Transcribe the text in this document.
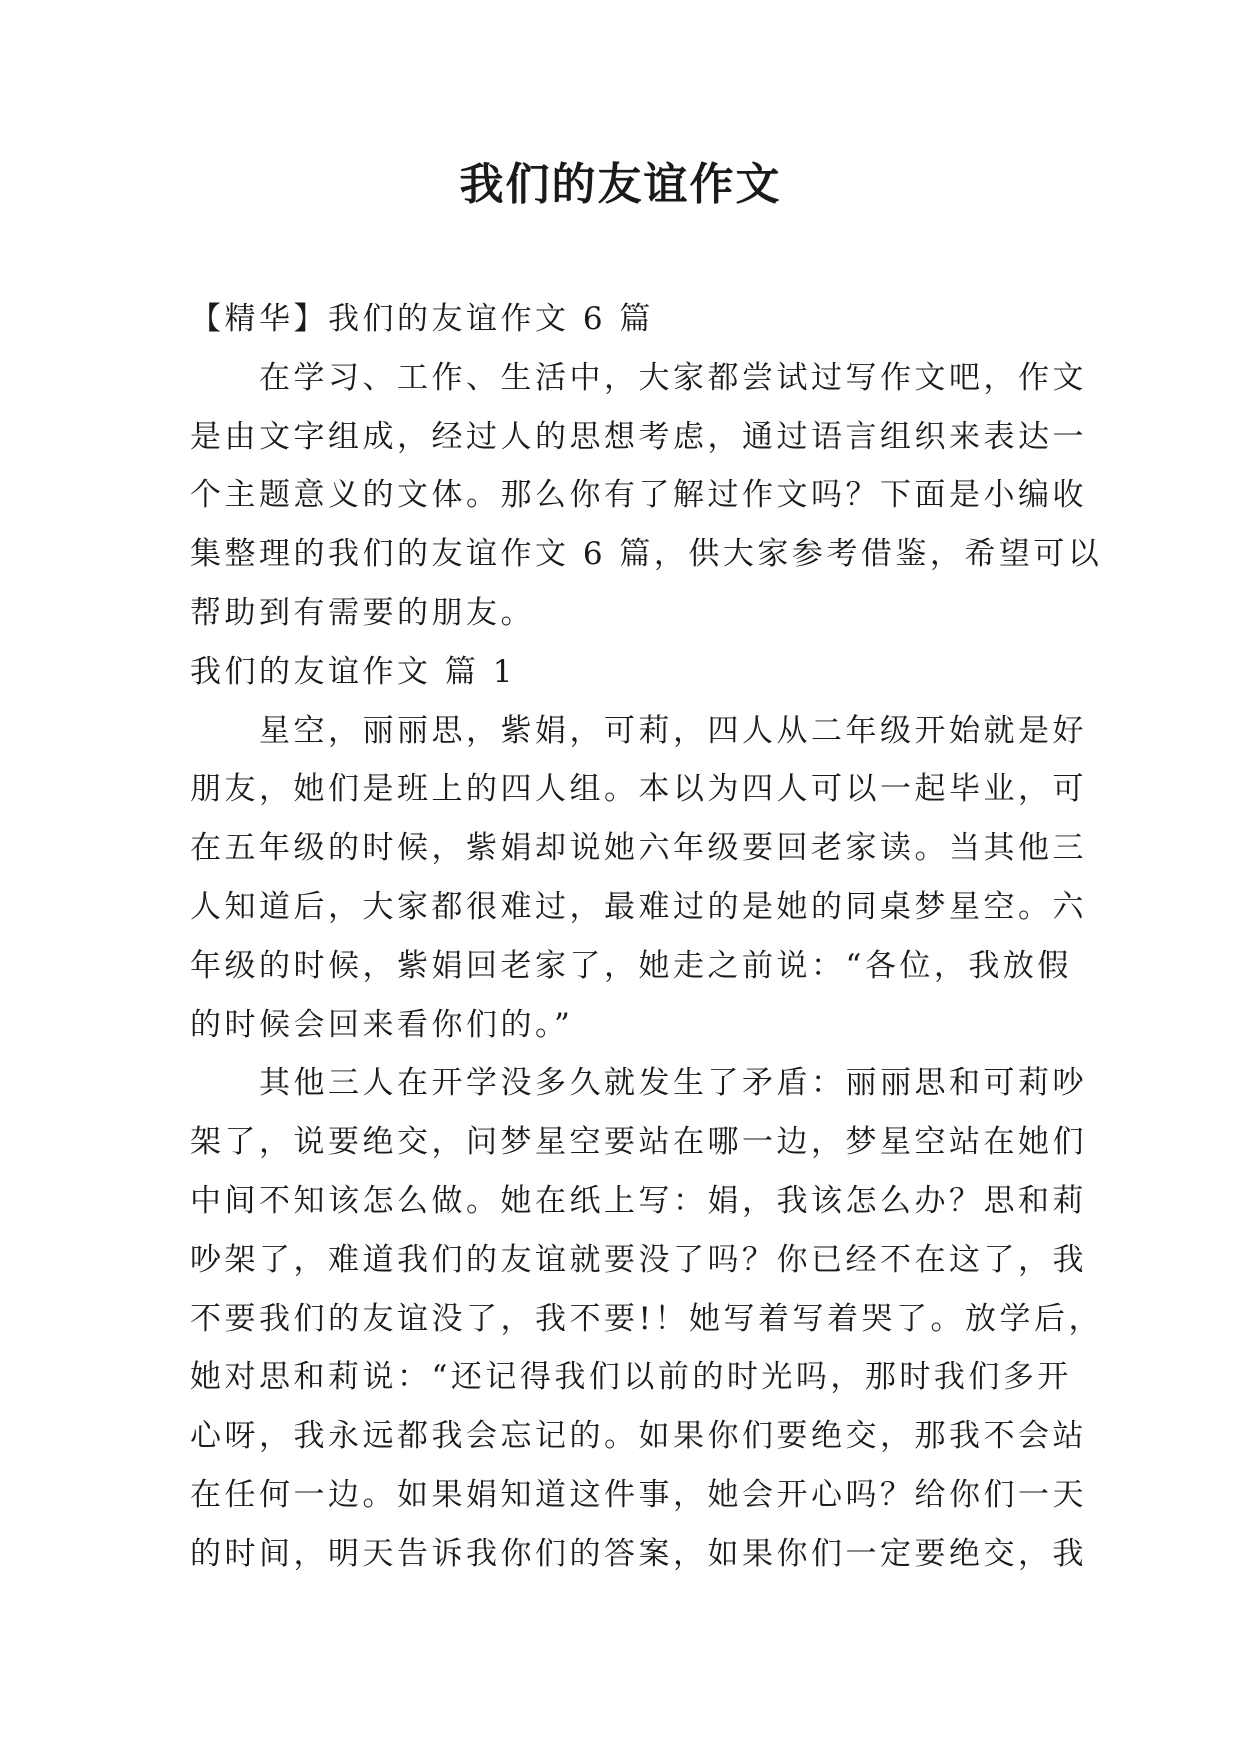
我们的友谊作文
【精华】我们的友谊作文 6 篇
　　在学习、工作、生活中，大家都尝试过写作文吧，作文
是由文字组成，经过人的思想考虑，通过语言组织来表达一
个主题意义的文体。那么你有了解过作文吗？下面是小编收
集整理的我们的友谊作文 6 篇，供大家参考借鉴，希望可以
帮助到有需要的朋友。
我们的友谊作文 篇 1
　　星空，丽丽思，紫娟，可莉，四人从二年级开始就是好
朋友，她们是班上的四人组。本以为四人可以一起毕业，可
在五年级的时候，紫娟却说她六年级要回老家读。当其他三
人知道后，大家都很难过，最难过的是她的同桌梦星空。六
年级的时候，紫娟回老家了，她走之前说：“各位，我放假
的时候会回来看你们的。”
　　其他三人在开学没多久就发生了矛盾：丽丽思和可莉吵
架了，说要绝交，问梦星空要站在哪一边，梦星空站在她们
中间不知该怎么做。她在纸上写：娟，我该怎么办？思和莉
吵架了，难道我们的友谊就要没了吗？你已经不在这了，我
不要我们的友谊没了，我不要!！她写着写着哭了。放学后，
她对思和莉说：“还记得我们以前的时光吗，那时我们多开
心呀，我永远都我会忘记的。如果你们要绝交，那我不会站
在任何一边。如果娟知道这件事，她会开心吗？给你们一天
的时间，明天告诉我你们的答案，如果你们一定要绝交，我
